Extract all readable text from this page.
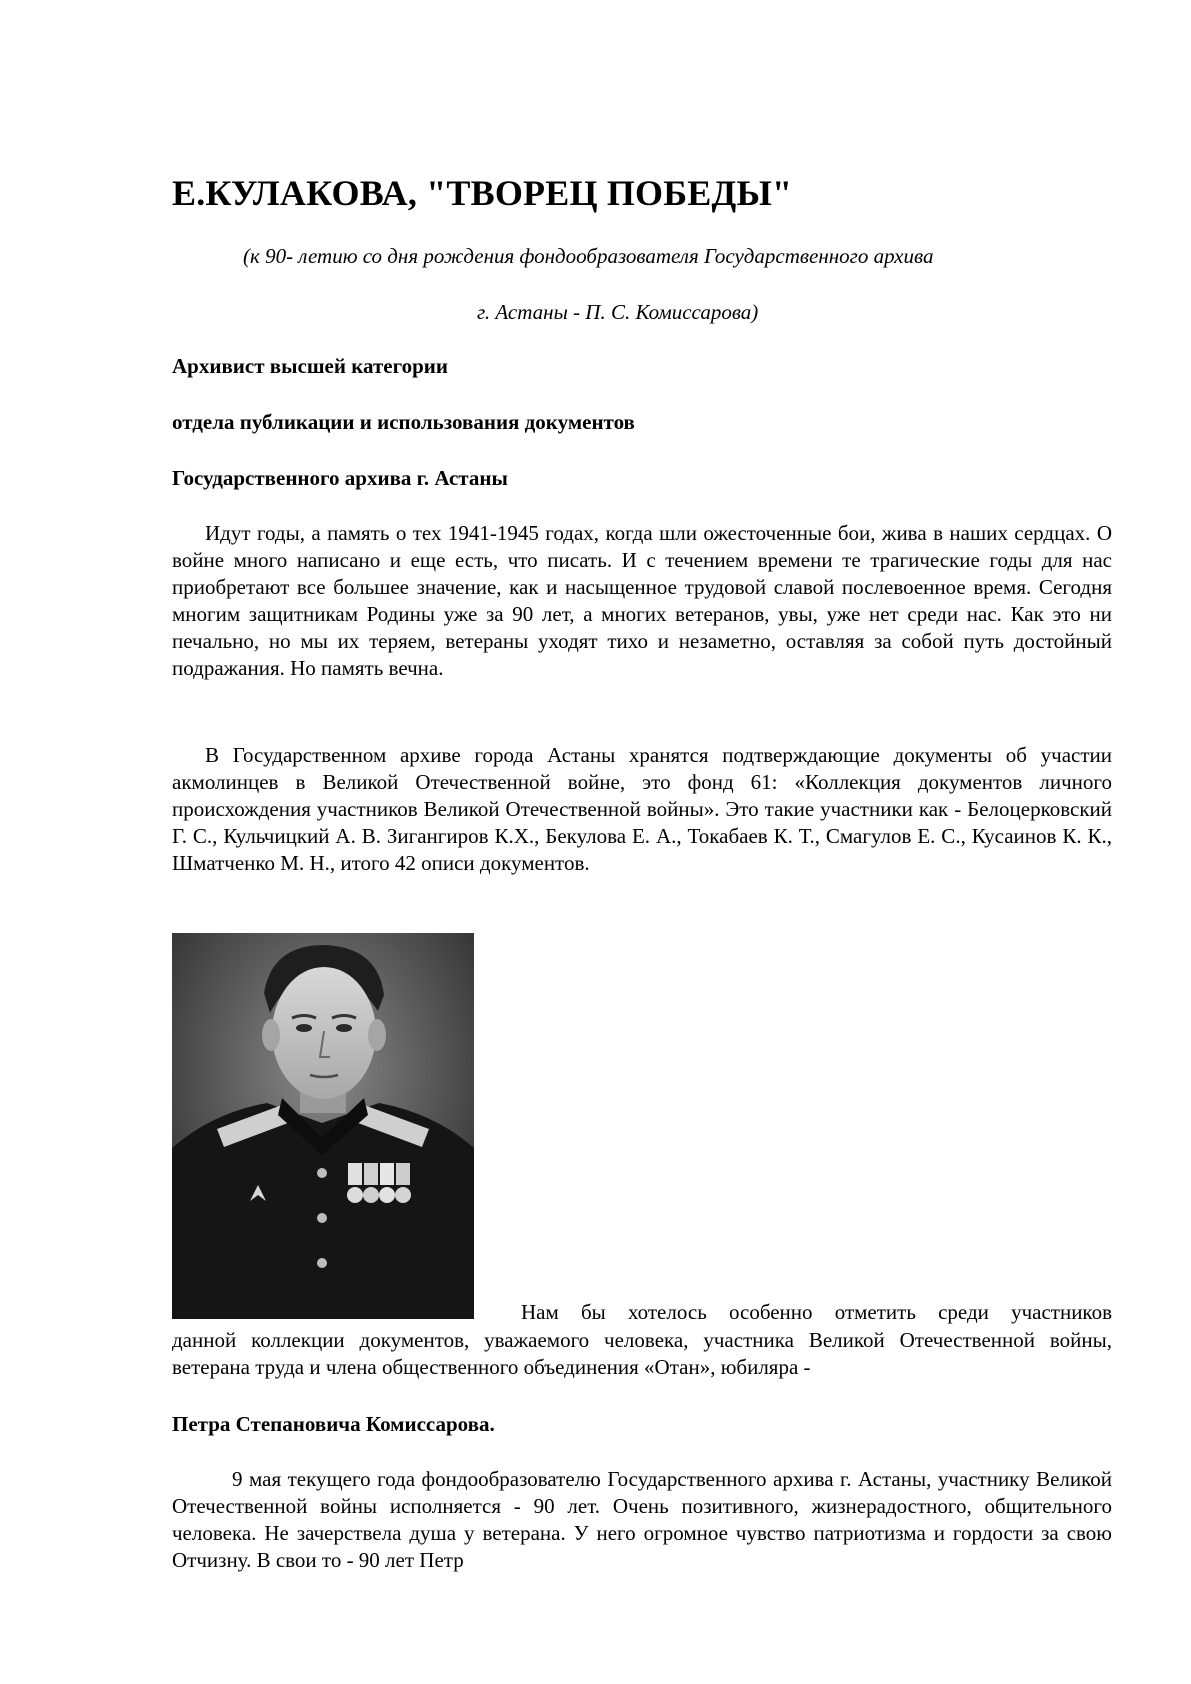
Е.КУЛАКОВА, "ТВОРЕЦ ПОБЕДЫ"

(к 90- летию со дня рождения фондообразователя Государственного архива

г. Астаны - П. С. Комиссарова)

Архивист высшей категории

отдела публикации и использования документов

Государственного архива г. Астаны

Идут годы, а память о тех 1941-1945 годах, когда шли ожесточенные бои, жива в наших сердцах. О войне много написано и еще есть, что писать. И с течением времени те трагические годы для нас приобретают все большее значение, как и насыщенное трудовой славой послевоенное время. Сегодня многим защитникам Родины уже за 90 лет, а многих ветеранов, увы, уже нет среди нас. Как это ни печально, но мы их теряем, ветераны уходят тихо и незаметно, оставляя за собой путь достойный подражания. Но память вечна.

В Государственном архиве города Астаны хранятся подтверждающие документы об участии акмолинцев в Великой Отечественной войне, это фонд 61: «Коллекция документов личного происхождения участников Великой Отечественной войны». Это такие участники как - Белоцерковский Г. С., Кульчицкий А. В. Зигангиров К.Х., Бекулова Е. А., Токабаев К. Т., Смагулов Е. С., Кусаинов К. К., Шматченко М. Н., итого 42 описи документов.

Нам бы хотелось особенно отметить среди участников

данной коллекции документов, уважаемого человека, участника Великой Отечественной войны, ветерана труда и члена общественного объединения «Отан», юбиляра -

Петра Степановича Комиссарова.

9 мая текущего года фондообразователю Государственного архива г. Астаны, участнику Великой Отечественной войны исполняется - 90 лет. Очень позитивного, жизнерадостного, общительного человека. Не зачерствела душа у ветерана. У него огромное чувство патриотизма и гордости за свою Отчизну. В свои то - 90 лет Петр
